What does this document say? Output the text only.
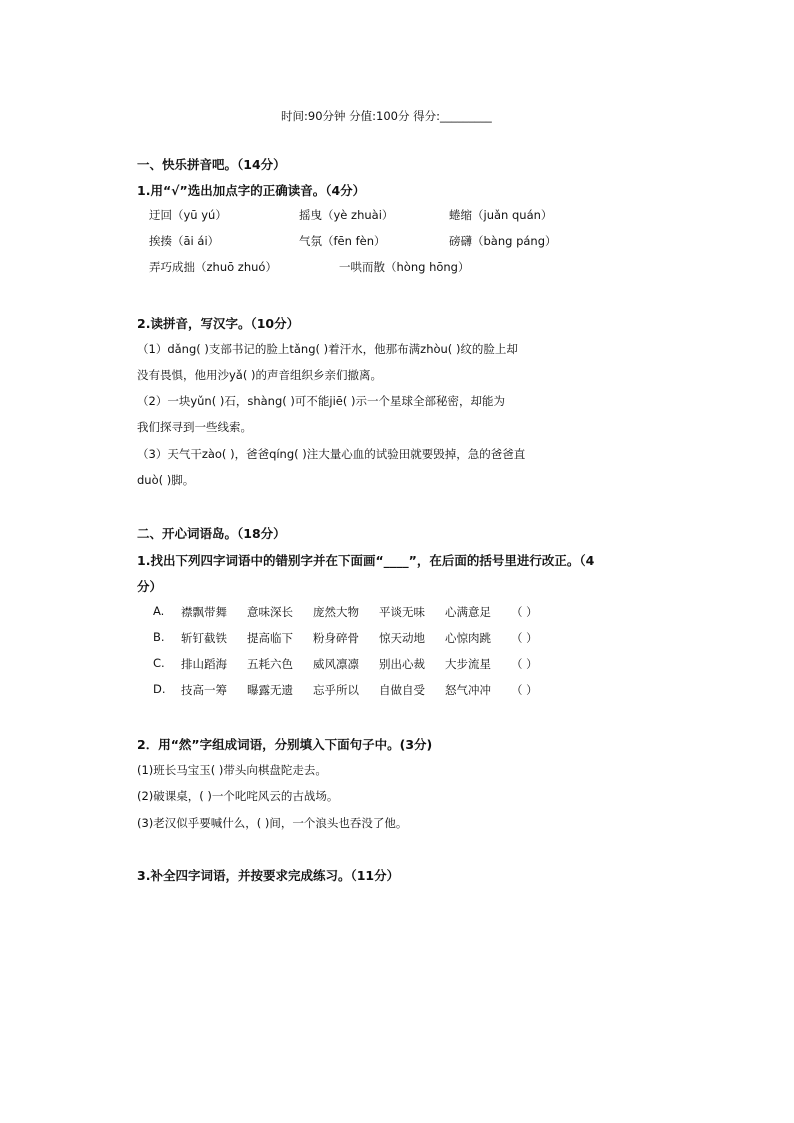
时间:90分钟 分值:100分 得分:_________
一、快乐拼音吧。（14分）
1.用“√”选出加点字的正确读音。（4分）
迂回（yū yú）	摇曳（yè zhuài）	蜷缩（juǎn quán）
挨揍（āi ái）	气氛（fēn fèn）	磅礴（bàng páng）
弄巧成拙（zhuō zhuó）	一哄而散（hòng hōng）
2.读拼音，写汉字。（10分）
（1）dǎng( )支部书记的脸上tǎng( )着汗水，他那布满zhòu( )纹的脸上却
没有畏惧，他用沙yǎ( )的声音组织乡亲们撤离。
（2）一块yǔn( )石，shàng( )可不能jiē( )示一个星球全部秘密，却能为
我们探寻到一些线索。
（3）天气干zào( )，爸爸qíng( )注大量心血的试验田就要毁掉，急的爸爸直
duò( )脚。
二、开心词语岛。（18分）
1.找出下列四字词语中的错别字并在下面画“____”，在后面的括号里进行改正。（4
分）
A.	襟飘带舞	意味深长	庞然大物	平谈无味	心满意足	（ ）
B.	斩钉截铁	提高临下	粉身碎骨	惊天动地	心惊肉跳	（ ）
C.	排山蹈海	五耗六色	威风凛凛	别出心裁	大步流星	（ ）
D.	技高一筹	曝露无遗	忘乎所以	自做自受	怒气冲冲	（ ）
2．用“然”字组成词语，分别填入下面句子中。(3分)
(1)班长马宝玉( )带头向棋盘陀走去。
(2)破课桌，( )一个叱咤风云的古战场。
(3)老汉似乎要喊什么，( )间，一个浪头也吞没了他。
3.补全四字词语，并按要求完成练习。（11分）
